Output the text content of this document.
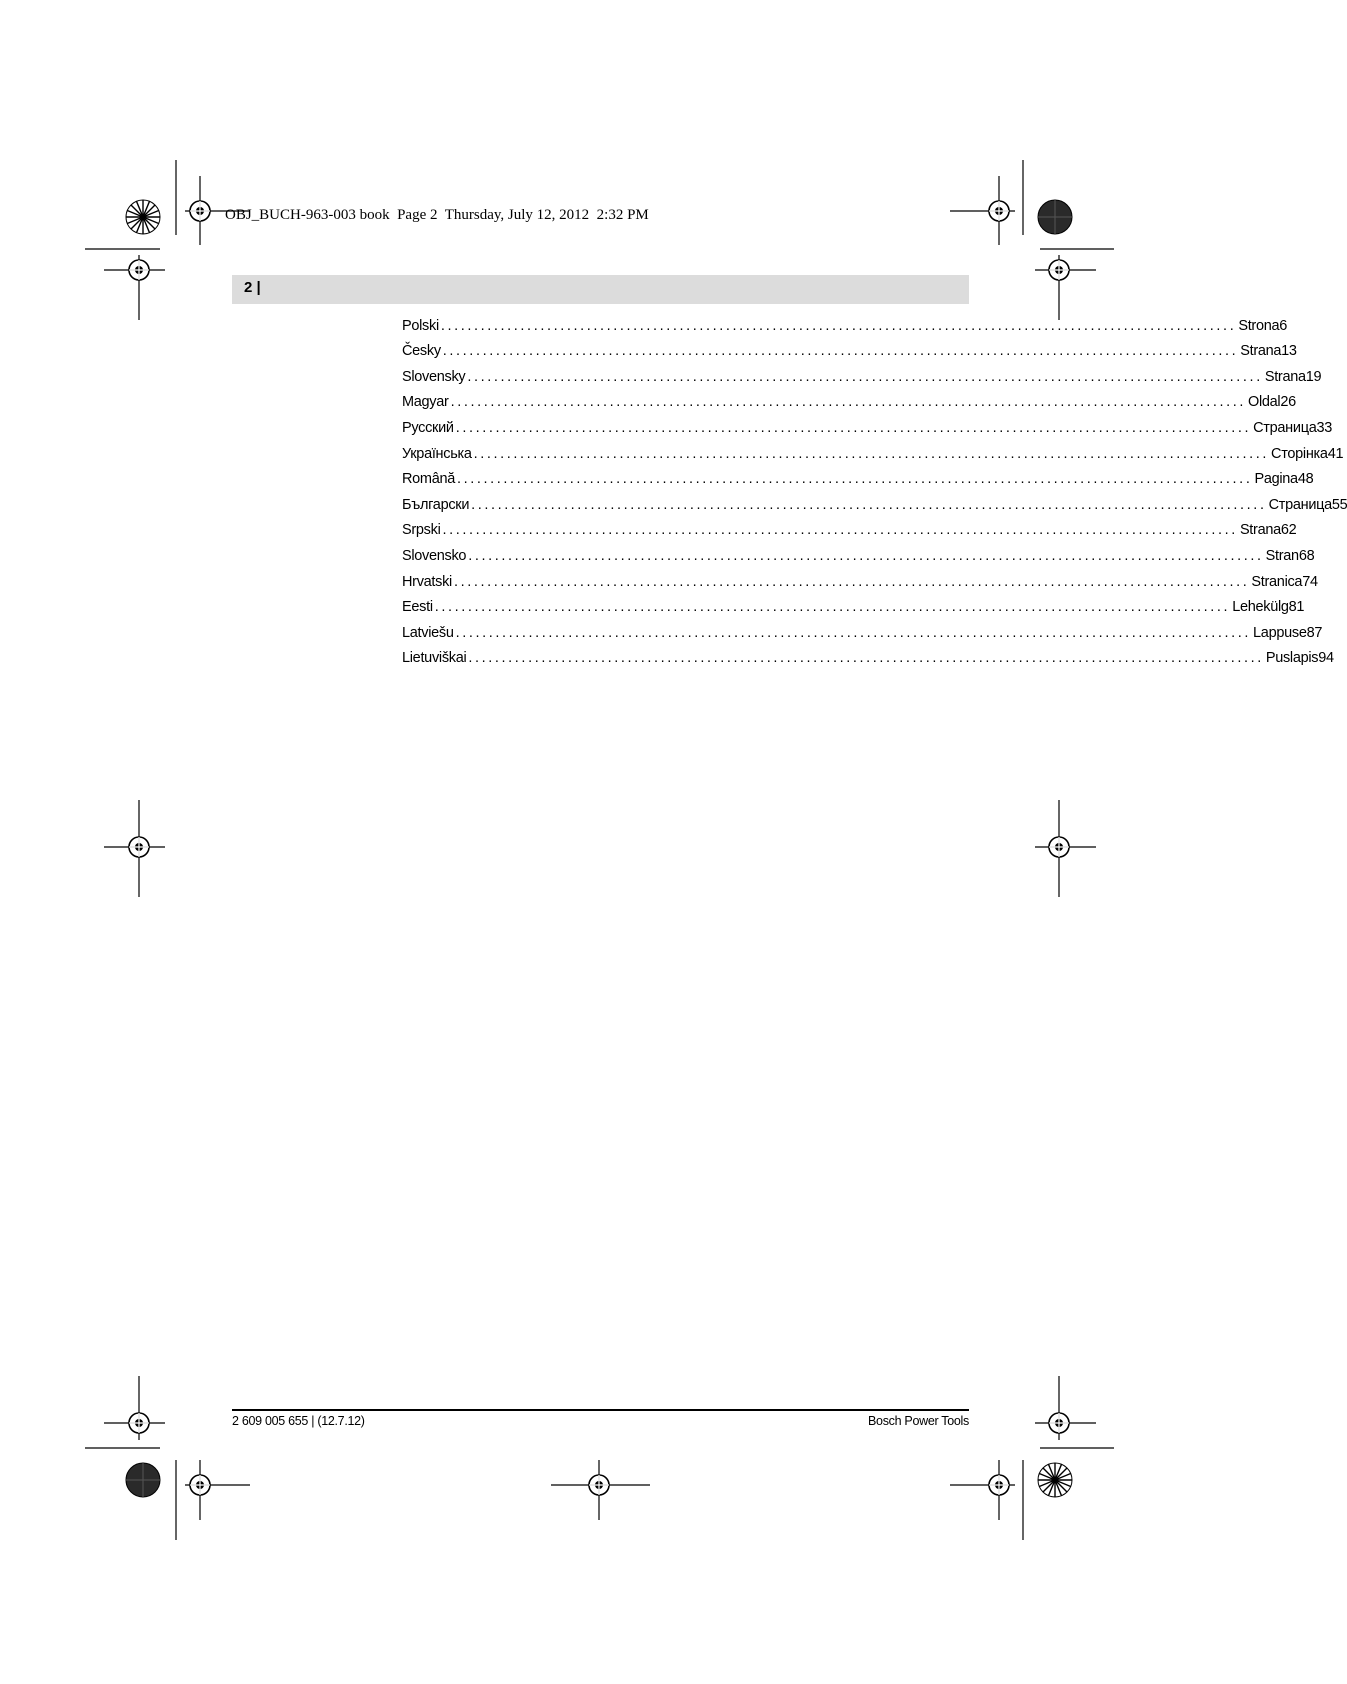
OBJ_BUCH-963-003 book  Page 2  Thursday, July 12, 2012  2:32 PM
2 |
Polski ........................................................................................................................ Strona 6
Česky ........................................................................................................................ Strana 13
Slovensky ........................................................................................................................ Strana 19
Magyar ........................................................................................................................ Oldal 26
Русский ........................................................................................................................ Страница 33
Українська ........................................................................................................................ Сторінка 41
Română ........................................................................................................................ Pagina 48
Български ........................................................................................................................ Страница 55
Srpski ........................................................................................................................ Strana 62
Slovensko ........................................................................................................................ Stran 68
Hrvatski ........................................................................................................................ Stranica 74
Eesti ........................................................................................................................ Lehekülg 81
Latviešu ........................................................................................................................ Lappuse 87
Lietuviškai ........................................................................................................................ Puslapis 94
2 609 005 655 | (12.7.12)	Bosch Power Tools
